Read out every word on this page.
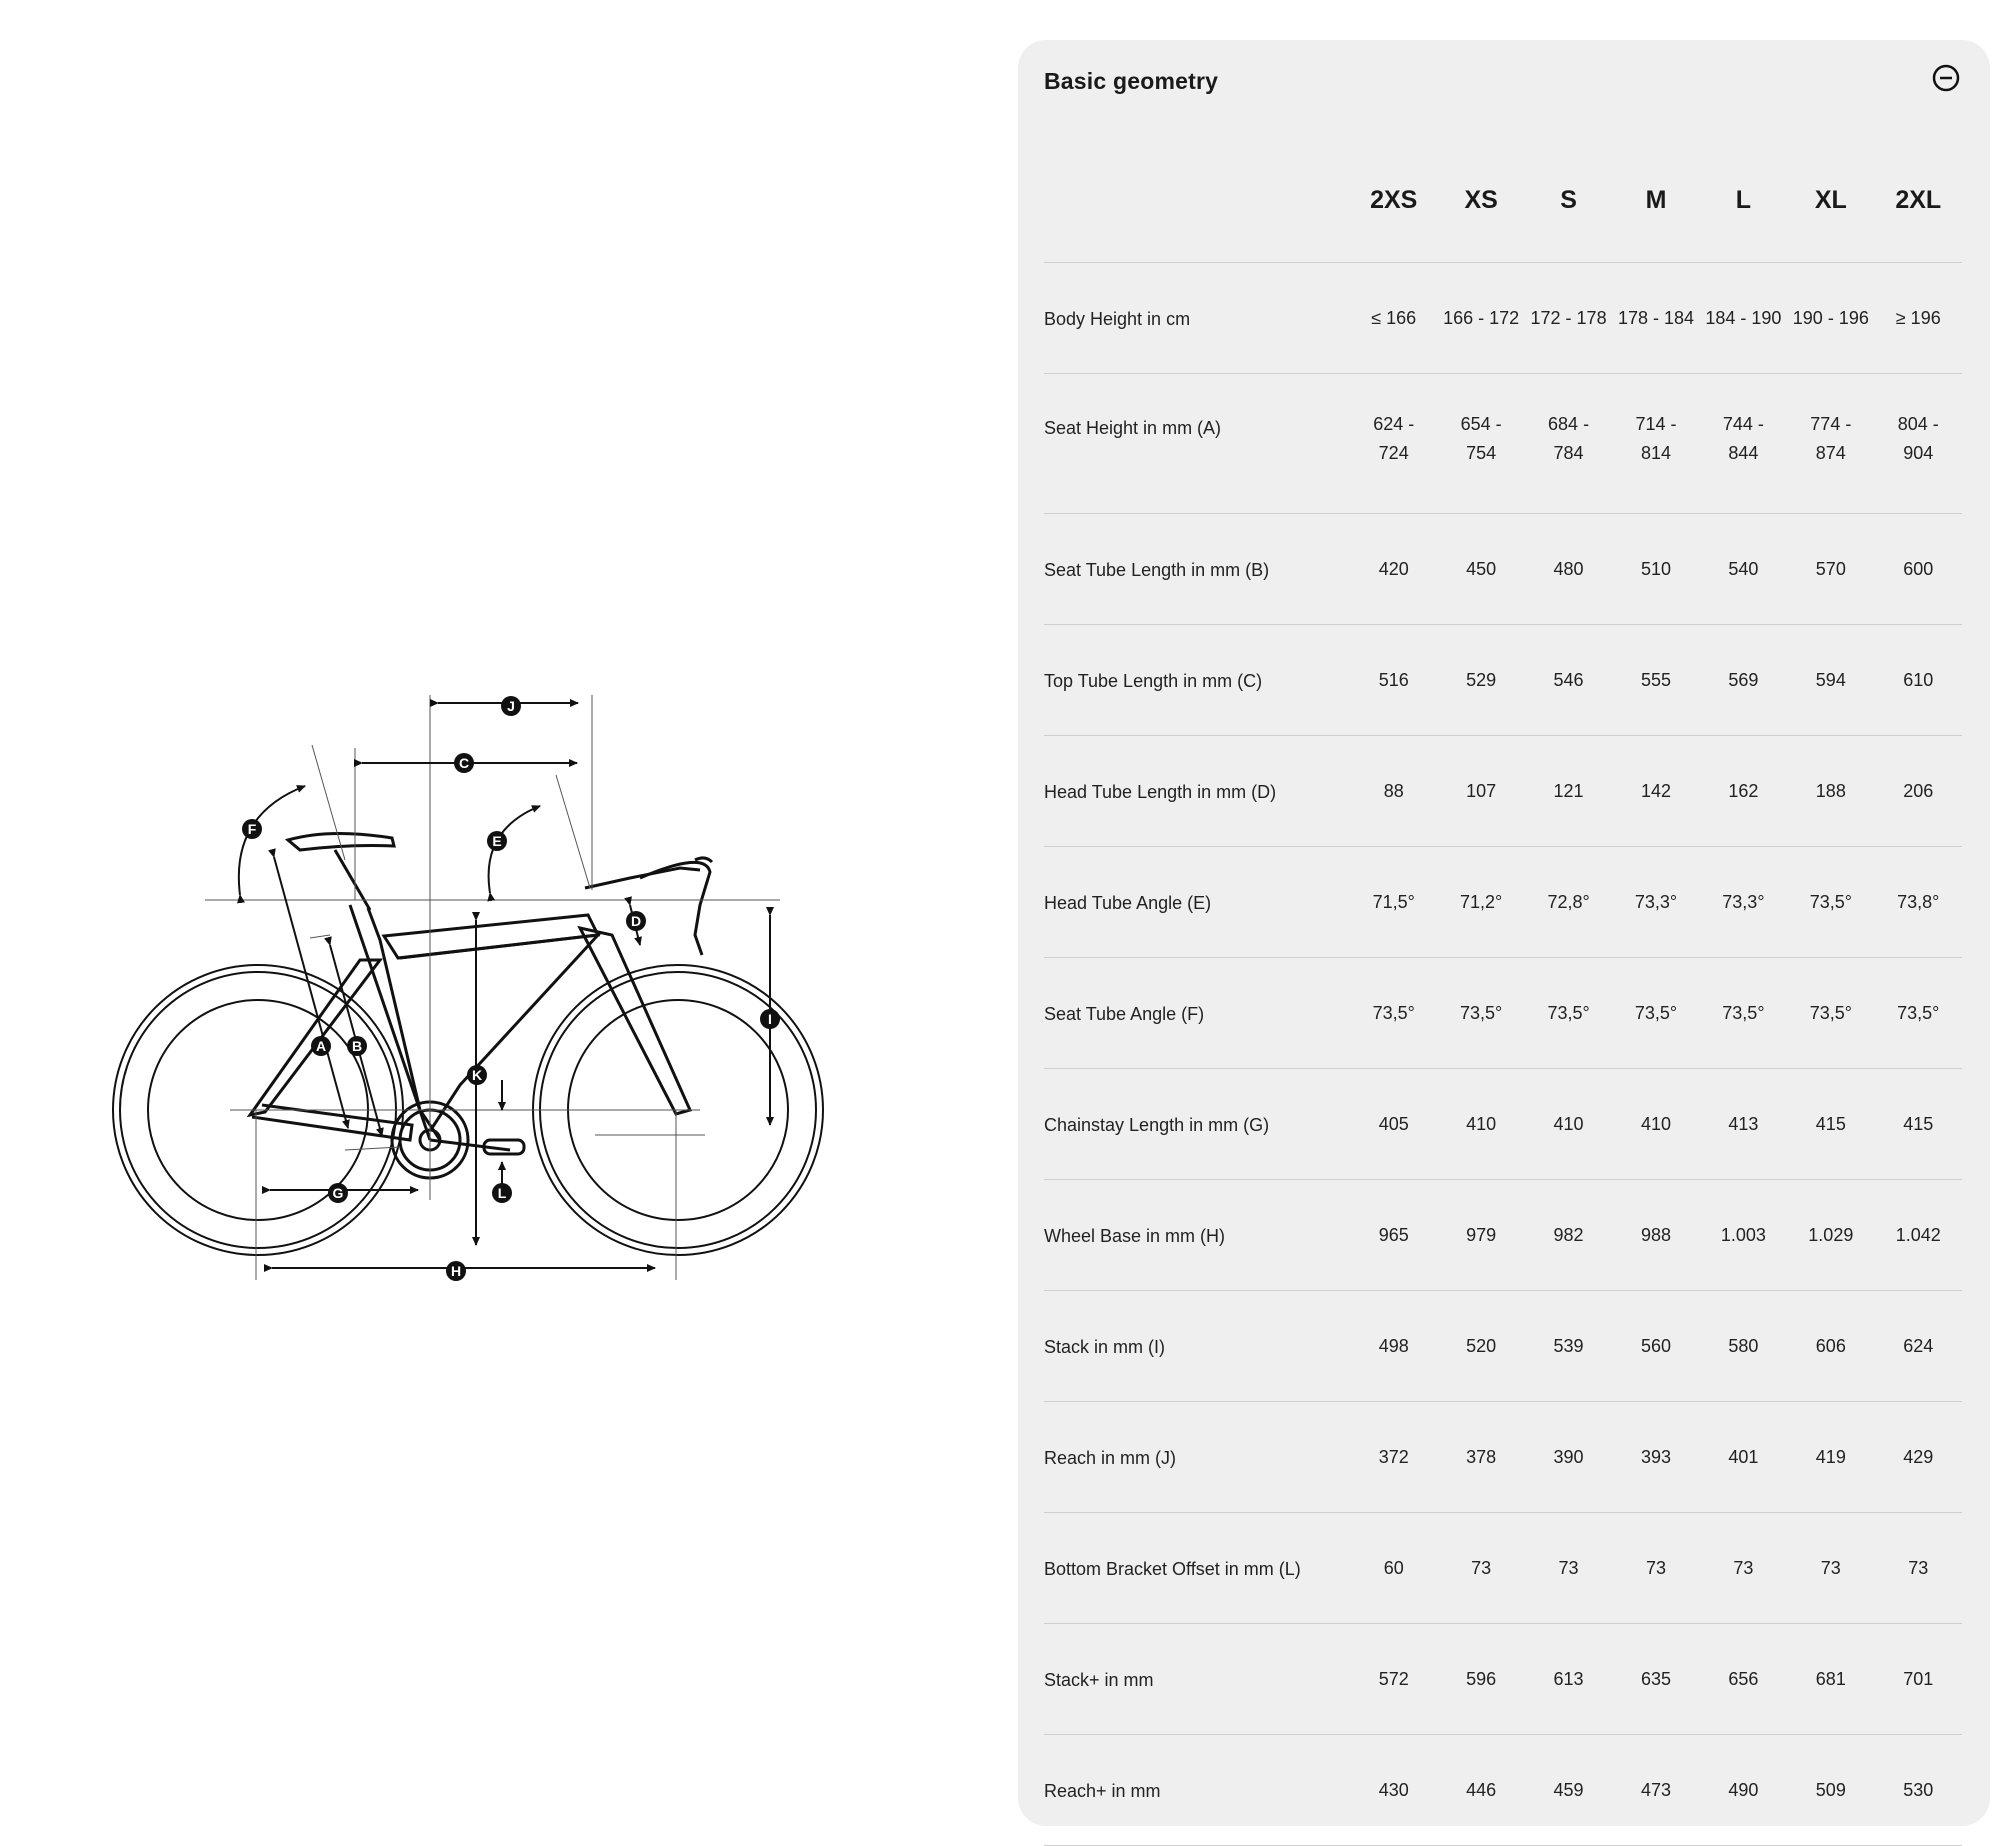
A B
C
D
E
F
G
H
I
J
K
L
Basic geometry
	2XS	XS	S	M	L	XL	2XL
Body Height in cm	≤ 166	166 - 172	172 - 178	178 - 184	184 - 190	190 - 196	≥ 196
Seat Height in mm (A)	624 - 724	654 - 754	684 - 784	714 - 814	744 - 844	774 - 874	804 - 904
Seat Tube Length in mm (B)	420	450	480	510	540	570	600
Top Tube Length in mm (C)	516	529	546	555	569	594	610
Head Tube Length in mm (D)	88	107	121	142	162	188	206
Head Tube Angle (E)	71,5°	71,2°	72,8°	73,3°	73,3°	73,5°	73,8°
Seat Tube Angle (F)	73,5°	73,5°	73,5°	73,5°	73,5°	73,5°	73,5°
Chainstay Length in mm (G)	405	410	410	410	413	415	415
Wheel Base in mm (H)	965	979	982	988	1.003	1.029	1.042
Stack in mm (I)	498	520	539	560	580	606	624
Reach in mm (J)	372	378	390	393	401	419	429
Bottom Bracket Offset in mm (L)	60	73	73	73	73	73	73
Stack+ in mm	572	596	613	635	656	681	701
Reach+ in mm	430	446	459	473	490	509	530
